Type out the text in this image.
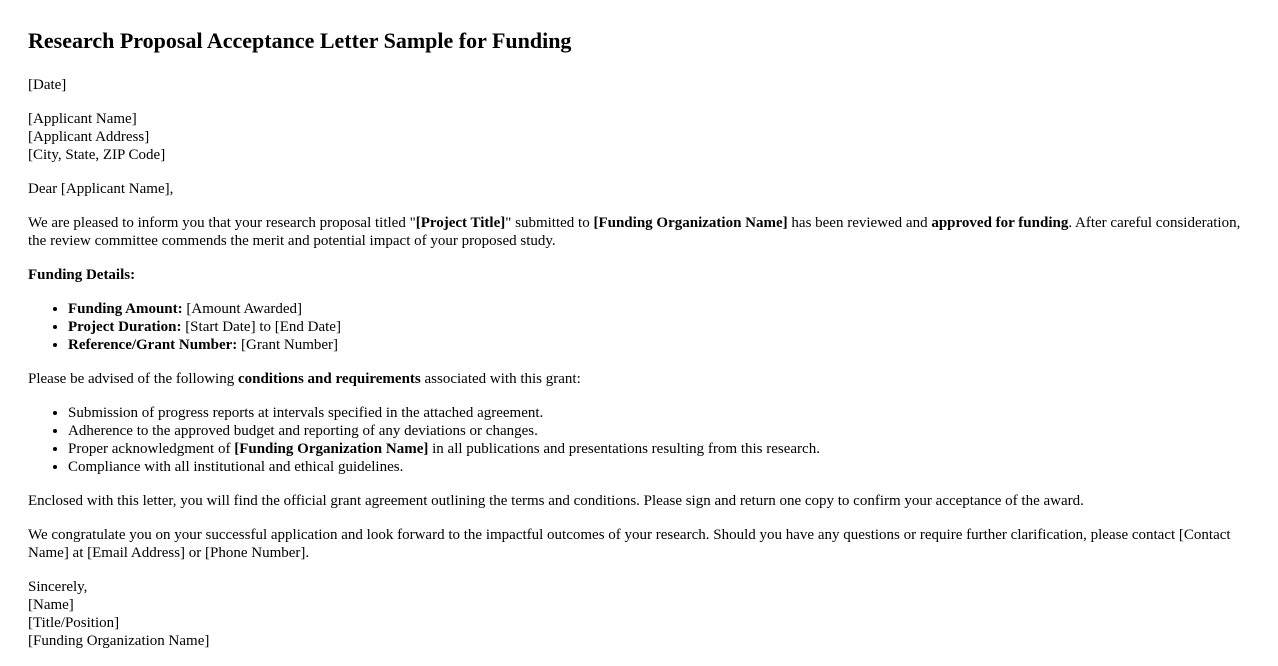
Research Proposal Acceptance Letter Sample for Funding

[Date]

[Applicant Name]
[Applicant Address]
[City, State, ZIP Code]

Dear [Applicant Name],

We are pleased to inform you that your research proposal titled "[Project Title]" submitted to [Funding Organization Name] has been reviewed and approved for funding. After careful consideration, the review committee commends the merit and potential impact of your proposed study.

Funding Details:

• Funding Amount: [Amount Awarded]
• Project Duration: [Start Date] to [End Date]
• Reference/Grant Number: [Grant Number]

Please be advised of the following conditions and requirements associated with this grant:

• Submission of progress reports at intervals specified in the attached agreement.
• Adherence to the approved budget and reporting of any deviations or changes.
• Proper acknowledgment of [Funding Organization Name] in all publications and presentations resulting from this research.
• Compliance with all institutional and ethical guidelines.

Enclosed with this letter, you will find the official grant agreement outlining the terms and conditions. Please sign and return one copy to confirm your acceptance of the award.

We congratulate you on your successful application and look forward to the impactful outcomes of your research. Should you have any questions or require further clarification, please contact [Contact Name] at [Email Address] or [Phone Number].

Sincerely,
[Name]
[Title/Position]
[Funding Organization Name]
